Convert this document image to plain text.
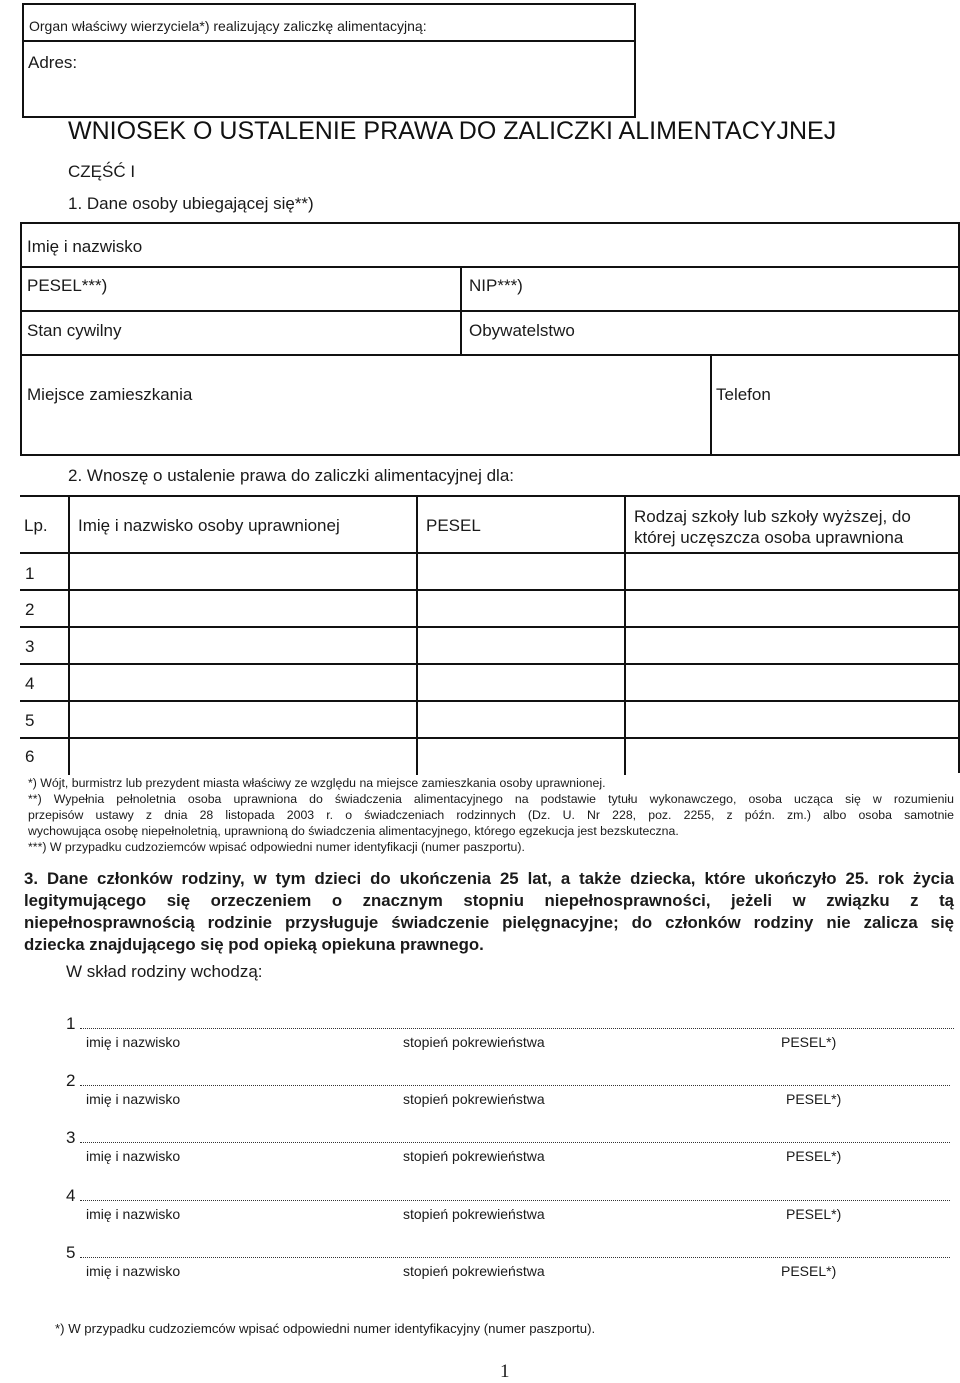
Organ właściwy wierzyciela*) realizujący zaliczkę alimentacyjną:
Adres:
WNIOSEK O USTALENIE PRAWA DO ZALICZKI ALIMENTACYJNEJ
CZĘŚĆ I
1. Dane osoby ubiegającej się**)
Imię i nazwisko
PESEL***)	NIP***)
Stan cywilny	Obywatelstwo
Miejsce zamieszkania	Telefon
2. Wnoszę o ustalenie prawa do zaliczki alimentacyjnej dla:
Lp. Imię i nazwisko osoby uprawnionej	PESEL	Rodzaj szkoły lub szkoły wyższej, do
której uczęszcza osoba uprawniona
1
2
3
4
5
6
*) Wójt, burmistrz lub prezydent miasta właściwy ze względu na miejsce zamieszkania osoby uprawnionej.
**) Wypełnia pełnoletnia osoba uprawniona do świadczenia alimentacyjnego na podstawie tytułu wykonawczego, osoba ucząca się w rozumieniu
przepisów ustawy z dnia 28 listopada 2003 r. o świadczeniach rodzinnych (Dz. U. Nr 228, poz. 2255, z późn. zm.) albo osoba samotnie
wychowująca osobę niepełnoletnią, uprawnioną do świadczenia alimentacyjnego, którego egzekucja jest bezskuteczna.
***) W przypadku cudzoziemców wpisać odpowiedni numer identyfikacji (numer paszportu).
3. Dane członków rodziny, w tym dzieci do ukończenia 25 lat, a także dziecka, które ukończyło 25. rok życia
legitymującego się orzeczeniem o znacznym stopniu niepełnosprawności, jeżeli w związku z tą
niepełnosprawnością rodzinie przysługuje świadczenie pielęgnacyjne; do członków rodziny nie zalicza się
dziecka znajdującego się pod opieką opiekuna prawnego.
W skład rodziny wchodzą:
1
imię i nazwisko	stopień pokrewieństwa	PESEL*)
2
imię i nazwisko	stopień pokrewieństwa	PESEL*)
3
imię i nazwisko	stopień pokrewieństwa	PESEL*)
4
imię i nazwisko	stopień pokrewieństwa	PESEL*)
5
imię i nazwisko	stopień pokrewieństwa	PESEL*)
*) W przypadku cudzoziemców wpisać odpowiedni numer identyfikacyjny (numer paszportu).
1
